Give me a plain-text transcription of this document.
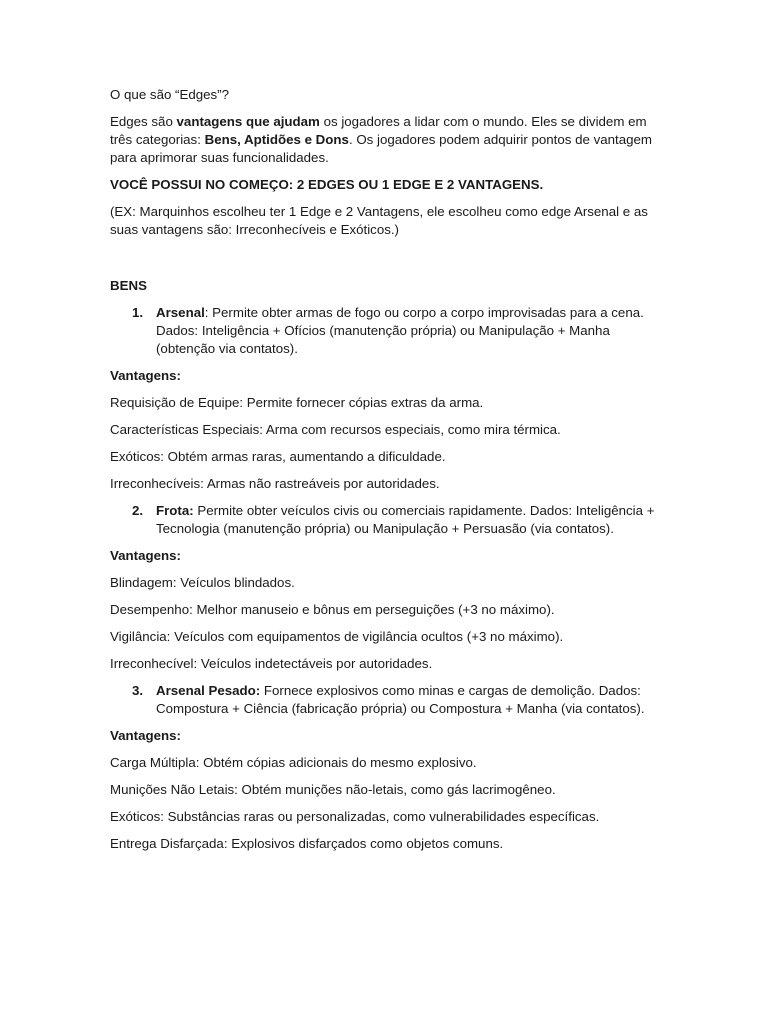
O que são “Edges”?

Edges são vantagens que ajudam os jogadores a lidar com o mundo. Eles se dividem em três categorias: Bens, Aptidões e Dons. Os jogadores podem adquirir pontos de vantagem para aprimorar suas funcionalidades.

VOCÊ POSSUI NO COMEÇO: 2 EDGES OU 1 EDGE E 2 VANTAGENS.

(EX: Marquinhos escolheu ter 1 Edge e 2 Vantagens, ele escolheu como edge Arsenal e as suas vantagens são: Irreconhecíveis e Exóticos.)

BENS

1. Arsenal: Permite obter armas de fogo ou corpo a corpo improvisadas para a cena. Dados: Inteligência + Ofícios (manutenção própria) ou Manipulação + Manha (obtenção via contatos).

Vantagens:

Requisição de Equipe: Permite fornecer cópias extras da arma.

Características Especiais: Arma com recursos especiais, como mira térmica.

Exóticos: Obtém armas raras, aumentando a dificuldade.

Irreconhecíveis: Armas não rastreáveis por autoridades.

2. Frota: Permite obter veículos civis ou comerciais rapidamente. Dados: Inteligência + Tecnologia (manutenção própria) ou Manipulação + Persuasão (via contatos).

Vantagens:

Blindagem: Veículos blindados.

Desempenho: Melhor manuseio e bônus em perseguições (+3 no máximo).

Vigilância: Veículos com equipamentos de vigilância ocultos (+3 no máximo).

Irreconhecível: Veículos indetectáveis por autoridades.

3. Arsenal Pesado: Fornece explosivos como minas e cargas de demolição. Dados: Compostura + Ciência (fabricação própria) ou Compostura + Manha (via contatos).

Vantagens:

Carga Múltipla: Obtém cópias adicionais do mesmo explosivo.

Munições Não Letais: Obtém munições não-letais, como gás lacrimogêneo.

Exóticos: Substâncias raras ou personalizadas, como vulnerabilidades específicas.

Entrega Disfarçada: Explosivos disfarçados como objetos comuns.
